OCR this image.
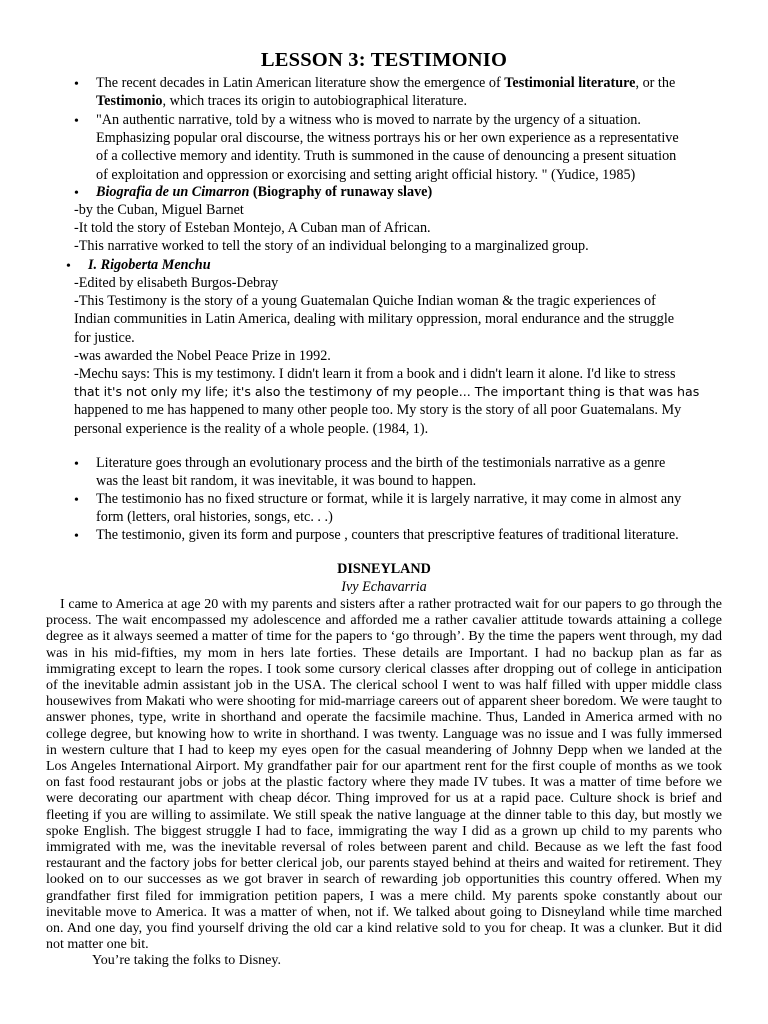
LESSON 3: TESTIMONIO
•	The recent decades in Latin American literature show the emergence of Testimonial literature, or the
Testimonio, which traces its origin to autobiographical literature.
•	"An authentic narrative, told by a witness who is moved to narrate by the urgency of a situation.
Emphasizing popular oral discourse, the witness portrays his or her own experience as a representative
of a collective memory and identity. Truth is summoned in the cause of denouncing a present situation
of exploitation and oppression or exorcising and setting aright official history. " (Yudice, 1985)
•	Biografia de un Cimarron (Biography of runaway slave)
-by the Cuban, Miguel Barnet
-It told the story of Esteban Montejo, A Cuban man of African.
-This narrative worked to tell the story of an individual belonging to a marginalized group.
•	I. Rigoberta Menchu
-Edited by elisabeth Burgos-Debray
-This Testimony is the story of a young Guatemalan Quiche Indian woman & the tragic experiences of
Indian communities in Latin America, dealing with military oppression, moral endurance and the struggle
for justice.
-was awarded the Nobel Peace Prize in 1992.
-Mechu says: This is my testimony. I didn't learn it from a book and i didn't learn it alone. I'd like to stress
that it's not only my life; it's also the testimony of my people... The important thing is that was has
happened to me has happened to many other people too. My story is the story of all poor Guatemalans. My
personal experience is the reality of a whole people. (1984, 1).
•	Literature goes through an evolutionary process and the birth of the testimonials narrative as a genre
was the least bit random, it was inevitable, it was bound to happen.
•	The testimonio has no fixed structure or format, while it is largely narrative, it may come in almost any
form (letters, oral histories, songs, etc. . .)
•	The testimonio, given its form and purpose , counters that prescriptive features of traditional literature.
DISNEYLAND
Ivy Echavarria

I came to America at age 20 with my parents and sisters after a rather protracted wait for our papers to go through the process. The wait encompassed my adolescence and afforded me a rather cavalier attitude towards attaining a college degree as it always seemed a matter of time for the papers to ‘go through’. By the time the papers went through, my dad was in his mid-fifties, my mom in hers late forties. These details are Important. I had no backup plan as far as immigrating except to learn the ropes. I took some cursory clerical classes after dropping out of college in anticipation of the inevitable admin assistant job in the USA. The clerical school I went to was half filled with upper middle class housewives from Makati who were shooting for mid-marriage careers out of apparent sheer boredom. We were taught to answer phones, type, write in shorthand and operate the facsimile machine. Thus, Landed in America armed with no college degree, but knowing how to write in shorthand. I was twenty. Language was no issue and I was fully immersed in western culture that I had to keep my eyes open for the casual meandering of Johnny Depp when we landed at the Los Angeles International Airport. My grandfather pair for our apartment rent for the first couple of months as we took on fast food restaurant jobs or jobs at the plastic factory where they made IV tubes. It was a matter of time before we were decorating our apartment with cheap décor. Thing improved for us at a rapid pace. Culture shock is brief and fleeting if you are willing to assimilate. We still speak the native language at the dinner table to this day, but mostly we spoke English. The biggest struggle I had to face, immigrating the way I did as a grown up child to my parents who immigrated with me, was the inevitable reversal of roles between parent and child. Because as we left the fast food restaurant and the factory jobs for better clerical job, our parents stayed behind at theirs and waited for retirement. They looked on to our successes as we got braver in search of rewarding job opportunities this country offered. When my grandfather first filed for immigration petition papers, I was a mere child. My parents spoke constantly about our inevitable move to America. It was a matter of when, not if. We talked about going to Disneyland while time marched on. And one day, you find yourself driving the old car a kind relative sold to you for cheap. It was a clunker. But it did not matter one bit.

You’re taking the folks to Disney.
